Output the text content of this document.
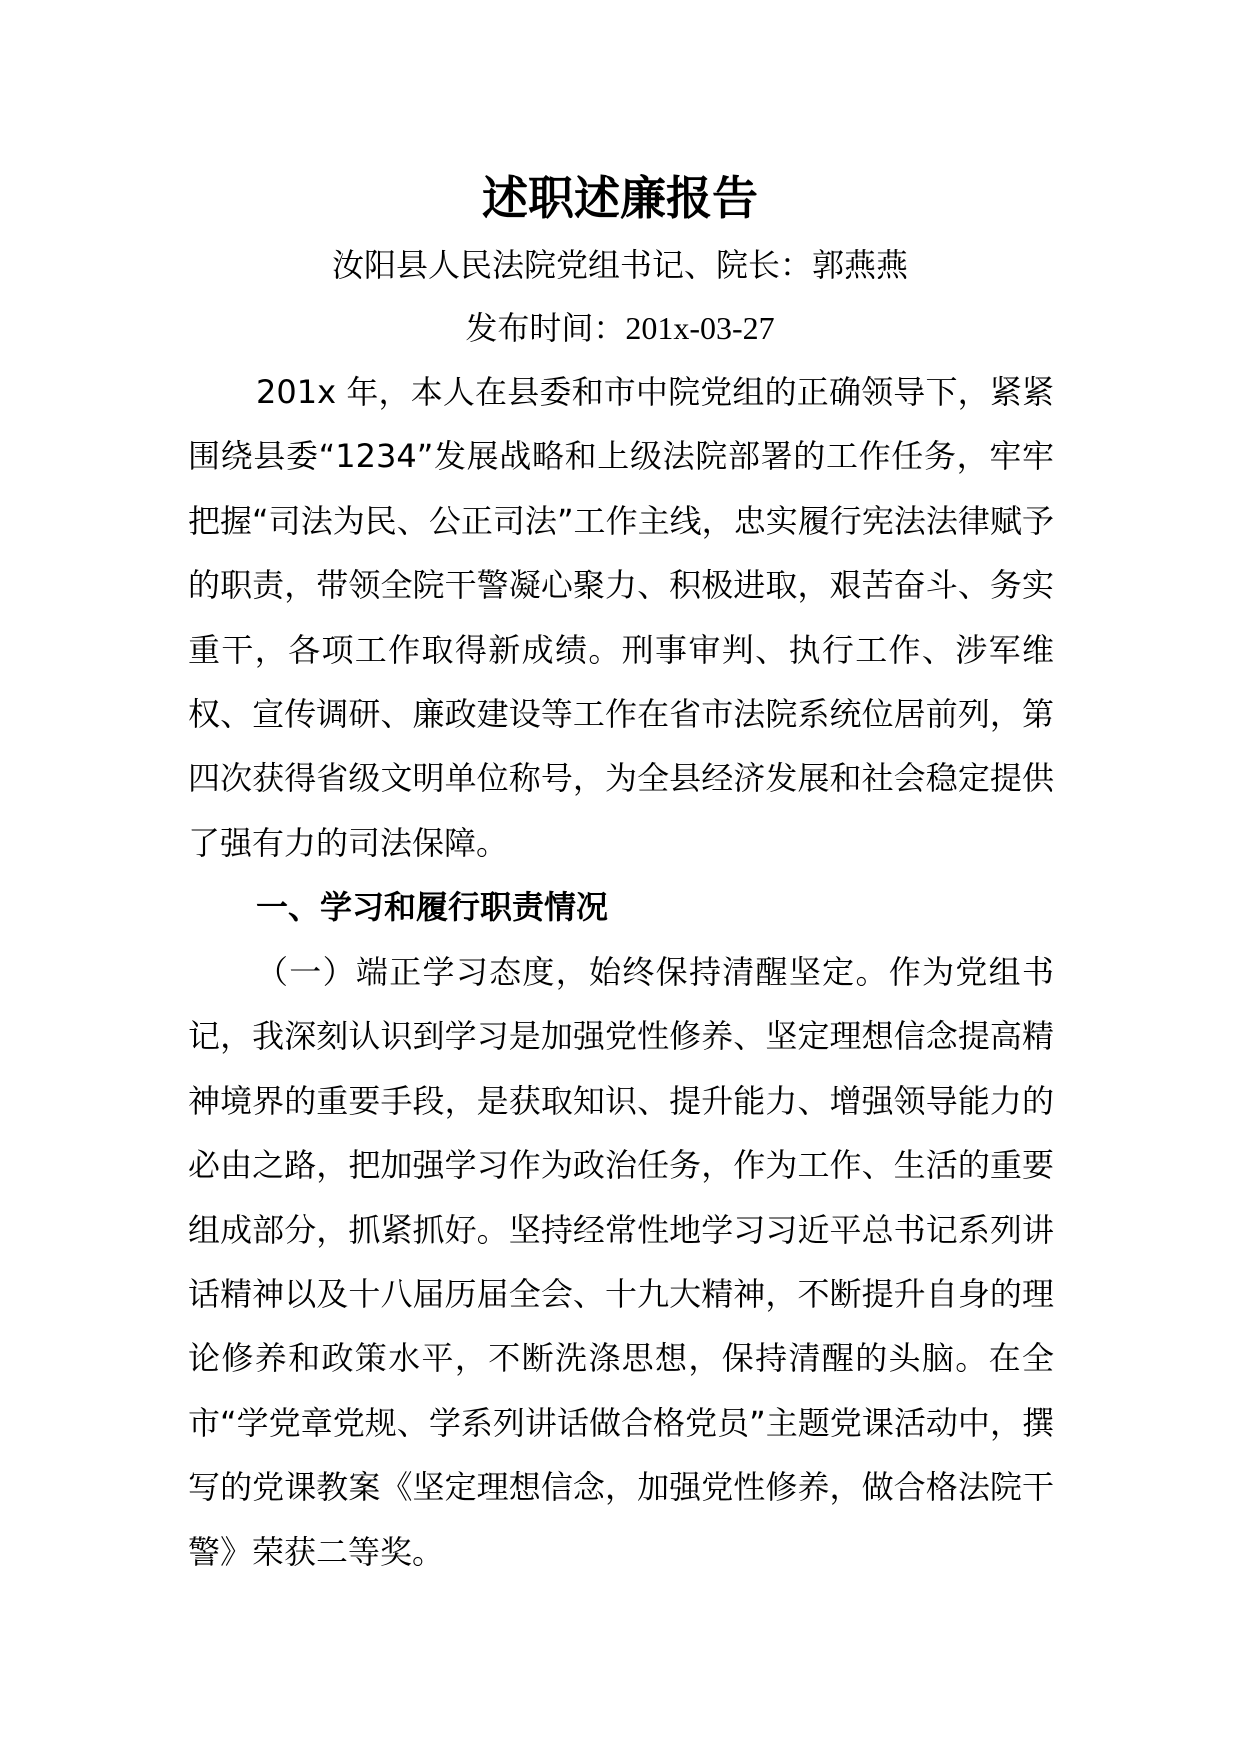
述职述廉报告
汝阳县人民法院党组书记、院长：郭燕燕
发布时间：201x-03-27
201x 年，本人在县委和市中院党组的正确领导下，紧紧围绕县委“1234”发展战略和上级法院部署的工作任务，牢牢把握“司法为民、公正司法”工作主线，忠实履行宪法法律赋予的职责，带领全院干警凝心聚力、积极进取，艰苦奋斗、务实重干，各项工作取得新成绩。刑事审判、执行工作、涉军维权、宣传调研、廉政建设等工作在省市法院系统位居前列，第四次获得省级文明单位称号，为全县经济发展和社会稳定提供了强有力的司法保障。
一、学习和履行职责情况
（一）端正学习态度，始终保持清醒坚定。作为党组书记，我深刻认识到学习是加强党性修养、坚定理想信念提高精神境界的重要手段，是获取知识、提升能力、增强领导能力的必由之路，把加强学习作为政治任务，作为工作、生活的重要组成部分，抓紧抓好。坚持经常性地学习习近平总书记系列讲话精神以及十八届历届全会、十九大精神，不断提升自身的理论修养和政策水平，不断洗涤思想，保持清醒的头脑。在全市“学党章党规、学系列讲话做合格党员”主题党课活动中，撰写的党课教案《坚定理想信念，加强党性修养，做合格法院干警》荣获二等奖。
